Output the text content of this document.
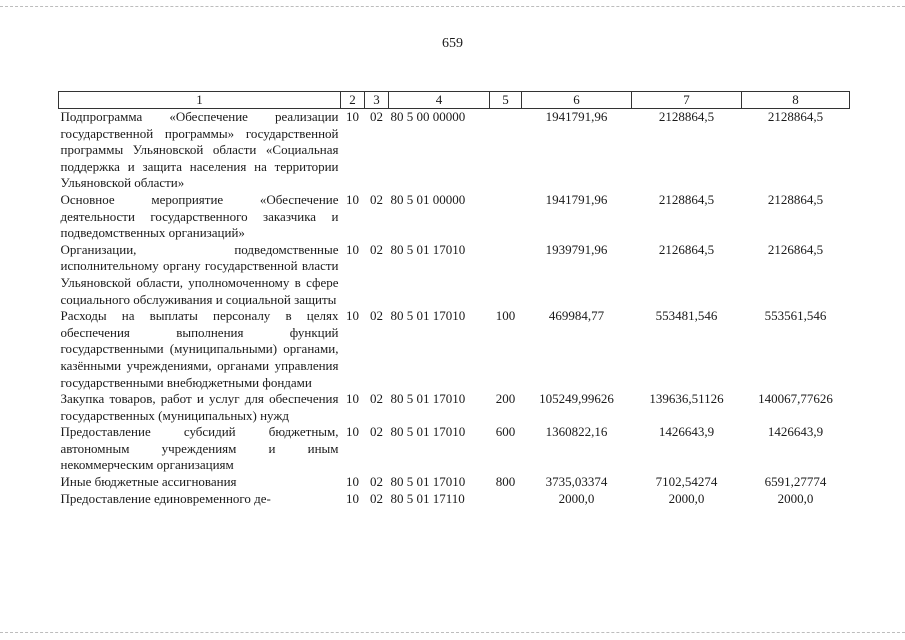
659
1	2	3	4	5	6	7	8
Подпрограмма «Обеспечение реализации государственной программы» государственной программы Ульяновской области «Социальная поддержка и защита населения на территории Ульяновской области»	10	02	80 5 00 00000		1941791,96	2128864,5	2128864,5
Основное мероприятие «Обеспечение деятельности государственного заказчика и подведомственных организаций»	10	02	80 5 01 00000		1941791,96	2128864,5	2128864,5
Организации, подведомственные исполнительному органу государственной власти Ульяновской области, уполномоченному в сфере социального обслуживания и социальной защиты	10	02	80 5 01 17010		1939791,96	2126864,5	2126864,5
Расходы на выплаты персоналу в целях обеспечения выполнения функций государственными (муниципальными) органами, казёнными учреждениями, органами управления государственными внебюджетными фондами	10	02	80 5 01 17010	100	469984,77	553481,546	553561,546
Закупка товаров, работ и услуг для обеспечения государственных (муниципальных) нужд	10	02	80 5 01 17010	200	105249,99626	139636,51126	140067,77626
Предоставление субсидий бюджетным, автономным учреждениям и иным некоммерческим организациям	10	02	80 5 01 17010	600	1360822,16	1426643,9	1426643,9
Иные бюджетные ассигнования	10	02	80 5 01 17010	800	3735,03374	7102,54274	6591,27774
Предоставление единовременного де-	10	02	80 5 01 17110		2000,0	2000,0	2000,0
